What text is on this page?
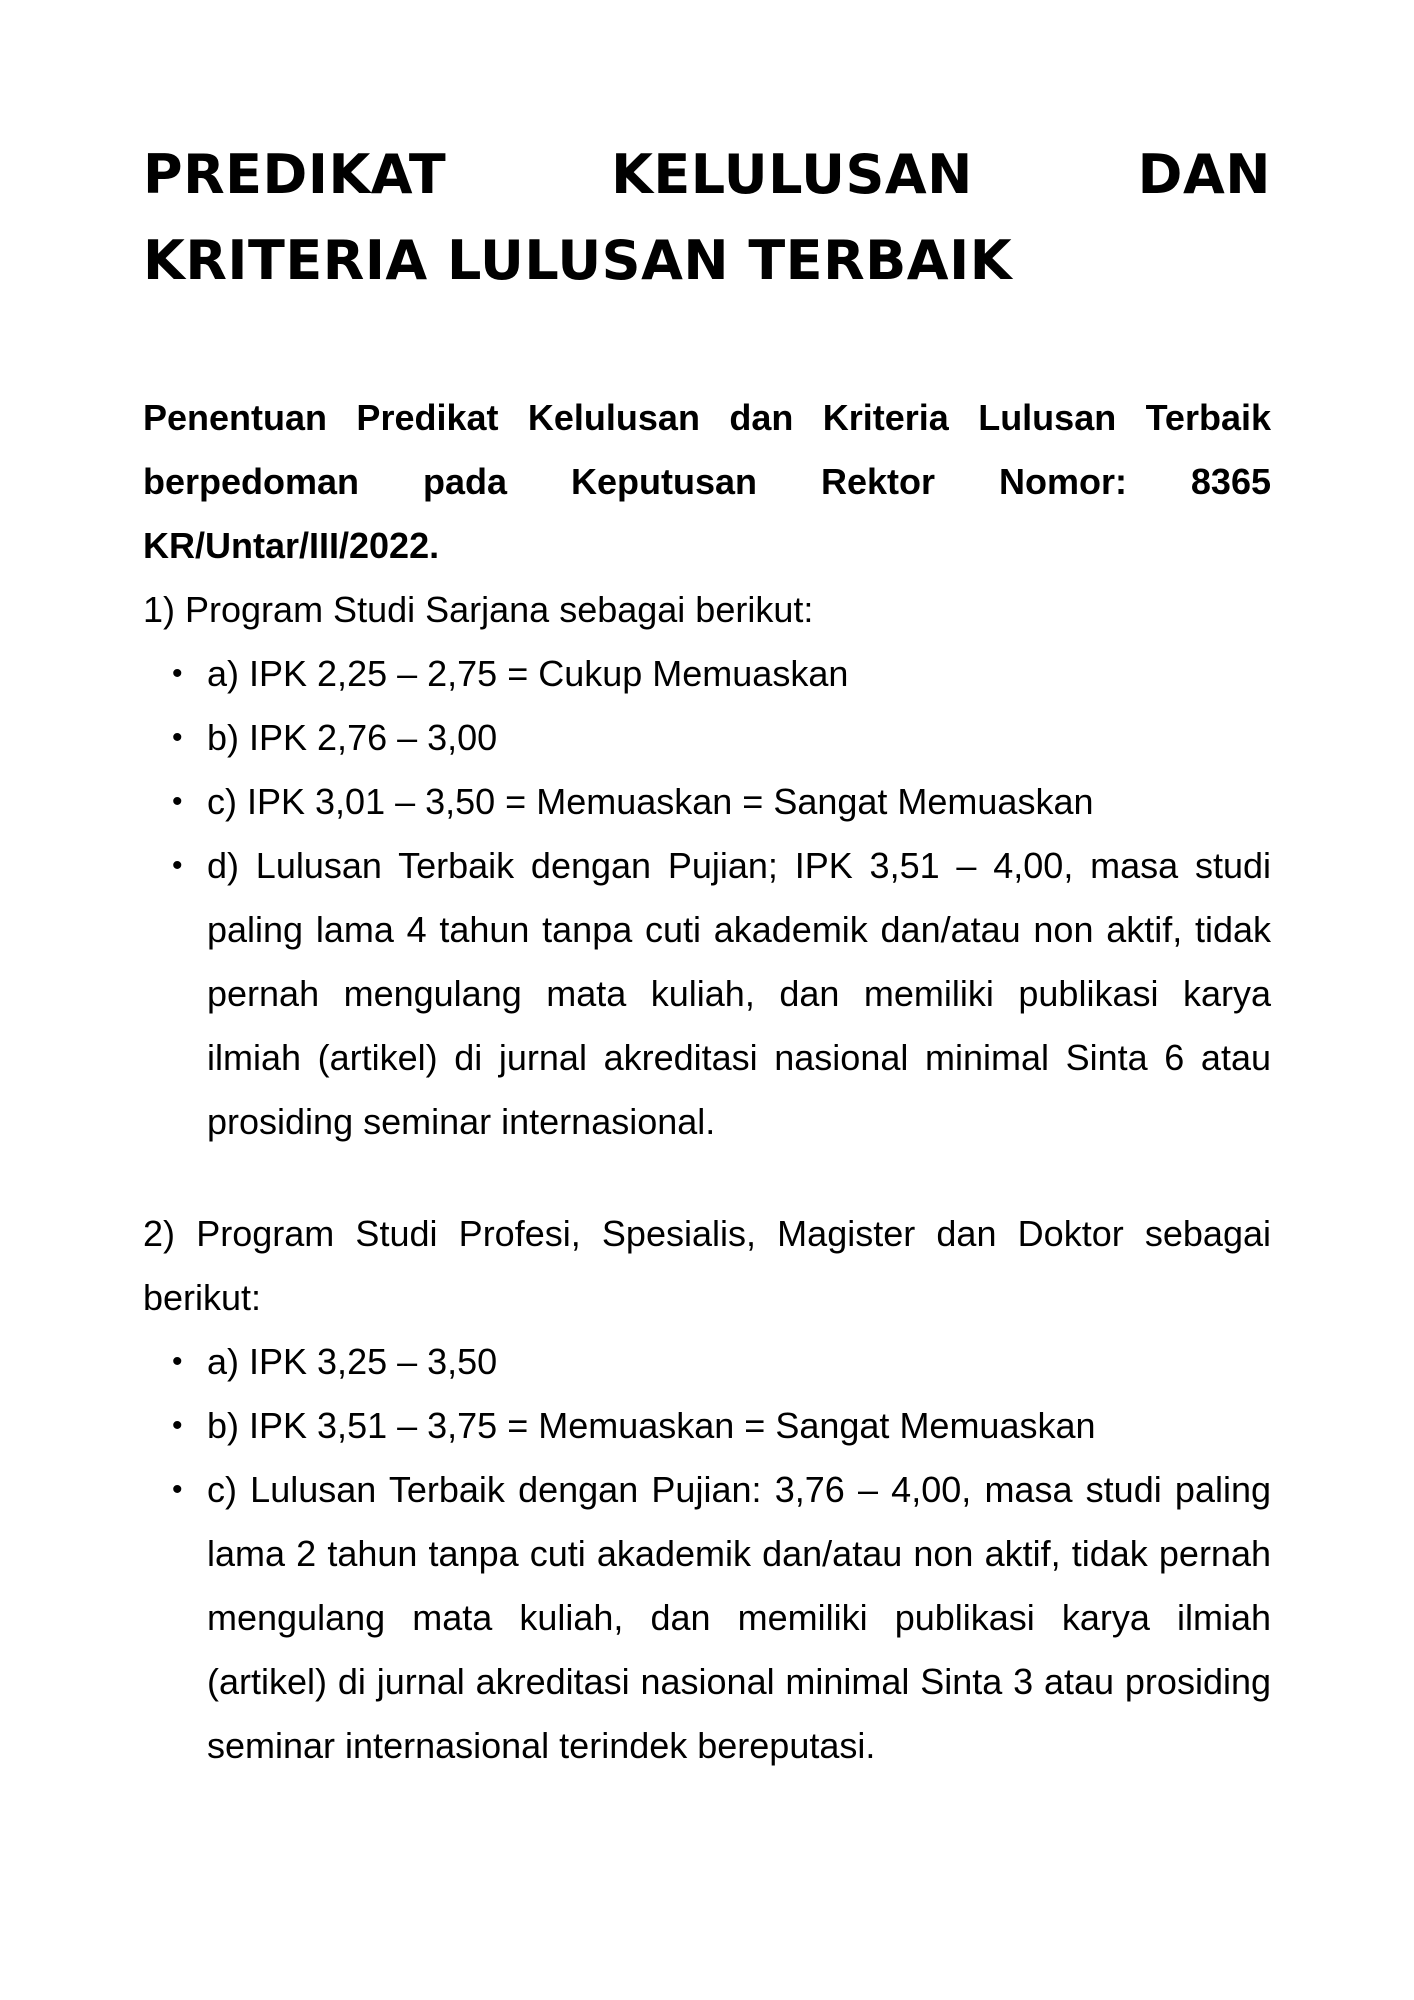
PREDIKAT KELULUSAN DAN KRITERIA LULUSAN TERBAIK

Penentuan Predikat Kelulusan dan Kriteria Lulusan Terbaik berpedoman pada Keputusan Rektor Nomor: 8365 KR/Untar/III/2022.

1) Program Studi Sarjana sebagai berikut:

• a) IPK 2,25 – 2,75 = Cukup Memuaskan
• b) IPK 2,76 – 3,00
• c) IPK 3,01 – 3,50 = Memuaskan = Sangat Memuaskan
• d) Lulusan Terbaik dengan Pujian; IPK 3,51 – 4,00, masa studi paling lama 4 tahun tanpa cuti akademik dan/atau non aktif, tidak pernah mengulang mata kuliah, dan memiliki publikasi karya ilmiah (artikel) di jurnal akreditasi nasional minimal Sinta 6 atau prosiding seminar internasional.

2) Program Studi Profesi, Spesialis, Magister dan Doktor sebagai berikut:

• a) IPK 3,25 – 3,50
• b) IPK 3,51 – 3,75 = Memuaskan = Sangat Memuaskan
• c) Lulusan Terbaik dengan Pujian: 3,76 – 4,00, masa studi paling lama 2 tahun tanpa cuti akademik dan/atau non aktif, tidak pernah mengulang mata kuliah, dan memiliki publikasi karya ilmiah (artikel) di jurnal akreditasi nasional minimal Sinta 3 atau prosiding seminar internasional terindek bereputasi.
